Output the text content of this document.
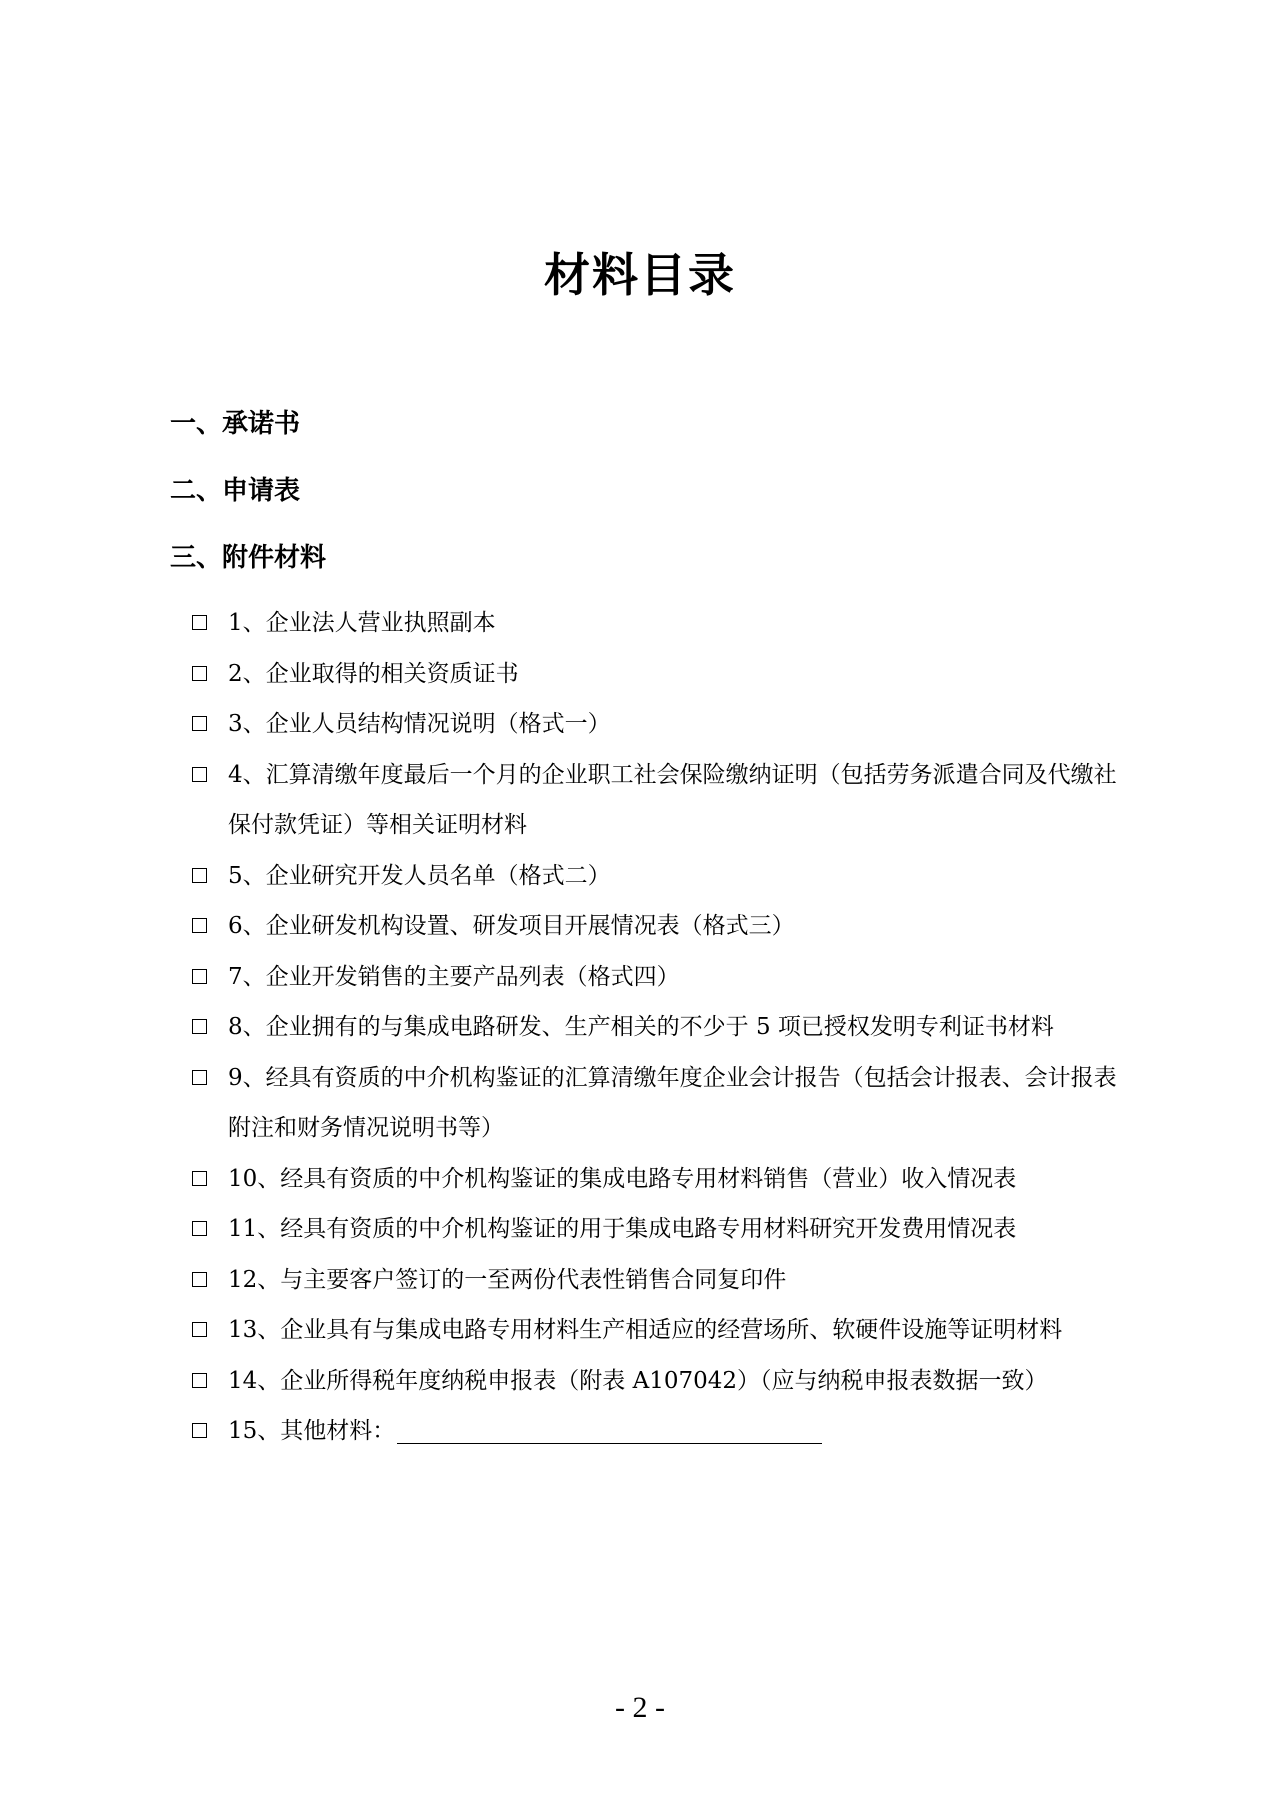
材料目录
一、承诺书
二、申请表
三、附件材料
1、企业法人营业执照副本
2、企业取得的相关资质证书
3、企业人员结构情况说明（格式一）
4、汇算清缴年度最后一个月的企业职工社会保险缴纳证明（包括劳务派遣合同及代缴社保付款凭证）等相关证明材料
5、企业研究开发人员名单（格式二）
6、企业研发机构设置、研发项目开展情况表（格式三）
7、企业开发销售的主要产品列表（格式四）
8、企业拥有的与集成电路研发、生产相关的不少于 5 项已授权发明专利证书材料
9、经具有资质的中介机构鉴证的汇算清缴年度企业会计报告（包括会计报表、会计报表附注和财务情况说明书等）
10、经具有资质的中介机构鉴证的集成电路专用材料销售（营业）收入情况表
11、经具有资质的中介机构鉴证的用于集成电路专用材料研究开发费用情况表
12、与主要客户签订的一至两份代表性销售合同复印件
13、企业具有与集成电路专用材料生产相适应的经营场所、软硬件设施等证明材料
14、企业所得税年度纳税申报表（附表 A107042）（应与纳税申报表数据一致）
15、其他材料：
- 2 -
